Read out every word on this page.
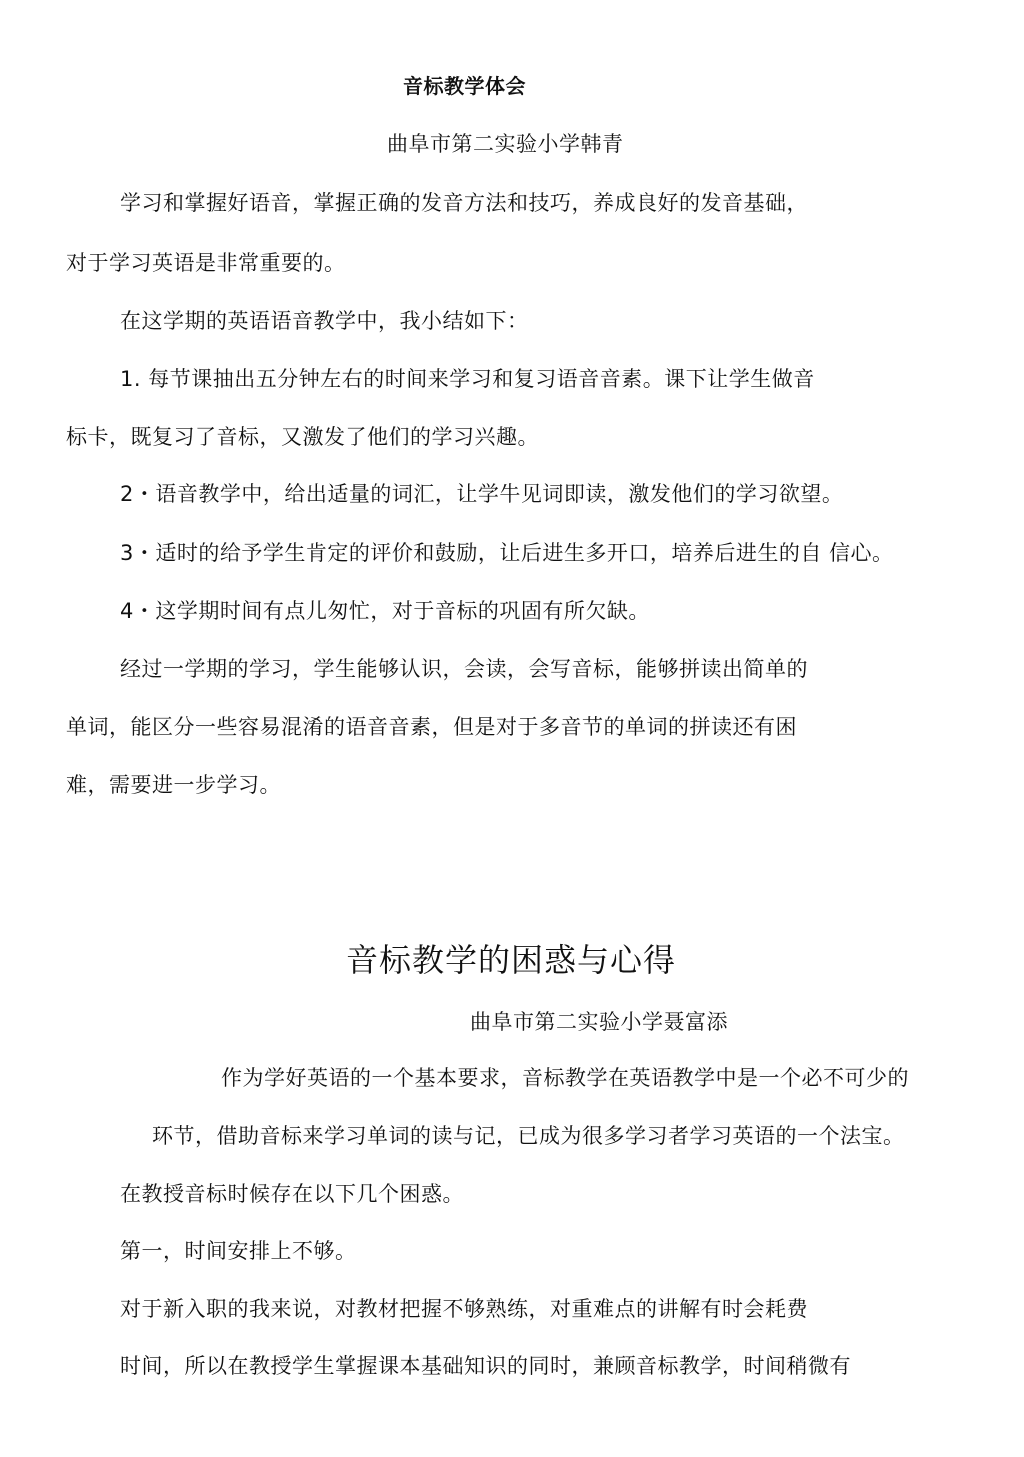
音标教学体会
曲阜市第二实验小学韩青
学习和掌握好语音，掌握正确的发音方法和技巧，养成良好的发音基础，
对于学习英语是非常重要的。
在这学期的英语语音教学中，我小结如下：
1. 每节课抽出五分钟左右的时间来学习和复习语音音素。课下让学生做音
标卡，既复习了音标，又激发了他们的学习兴趣。
2・语音教学中，给出适量的词汇，让学牛见词即读，激发他们的学习欲望。
3・适时的给予学生肯定的评价和鼓励，让后进生多开口，培养后进生的自 信心。
4・这学期时间有点儿匆忙，对于音标的巩固有所欠缺。
经过一学期的学习，学生能够认识，会读，会写音标，能够拼读出简单的
单词，能区分一些容易混淆的语音音素，但是对于多音节的单词的拼读还有困
难，需要进一步学习。
音标教学的困惑与心得
曲阜市第二实验小学聂富添
作为学好英语的一个基本要求，音标教学在英语教学中是一个必不可少的
环节，借助音标来学习单词的读与记，已成为很多学习者学习英语的一个法宝。
在教授音标时候存在以下几个困惑。
第一，时间安排上不够。
对于新入职的我来说，对教材把握不够熟练，对重难点的讲解有时会耗费
时间，所以在教授学生掌握课本基础知识的同时，兼顾音标教学，时间稍微有
